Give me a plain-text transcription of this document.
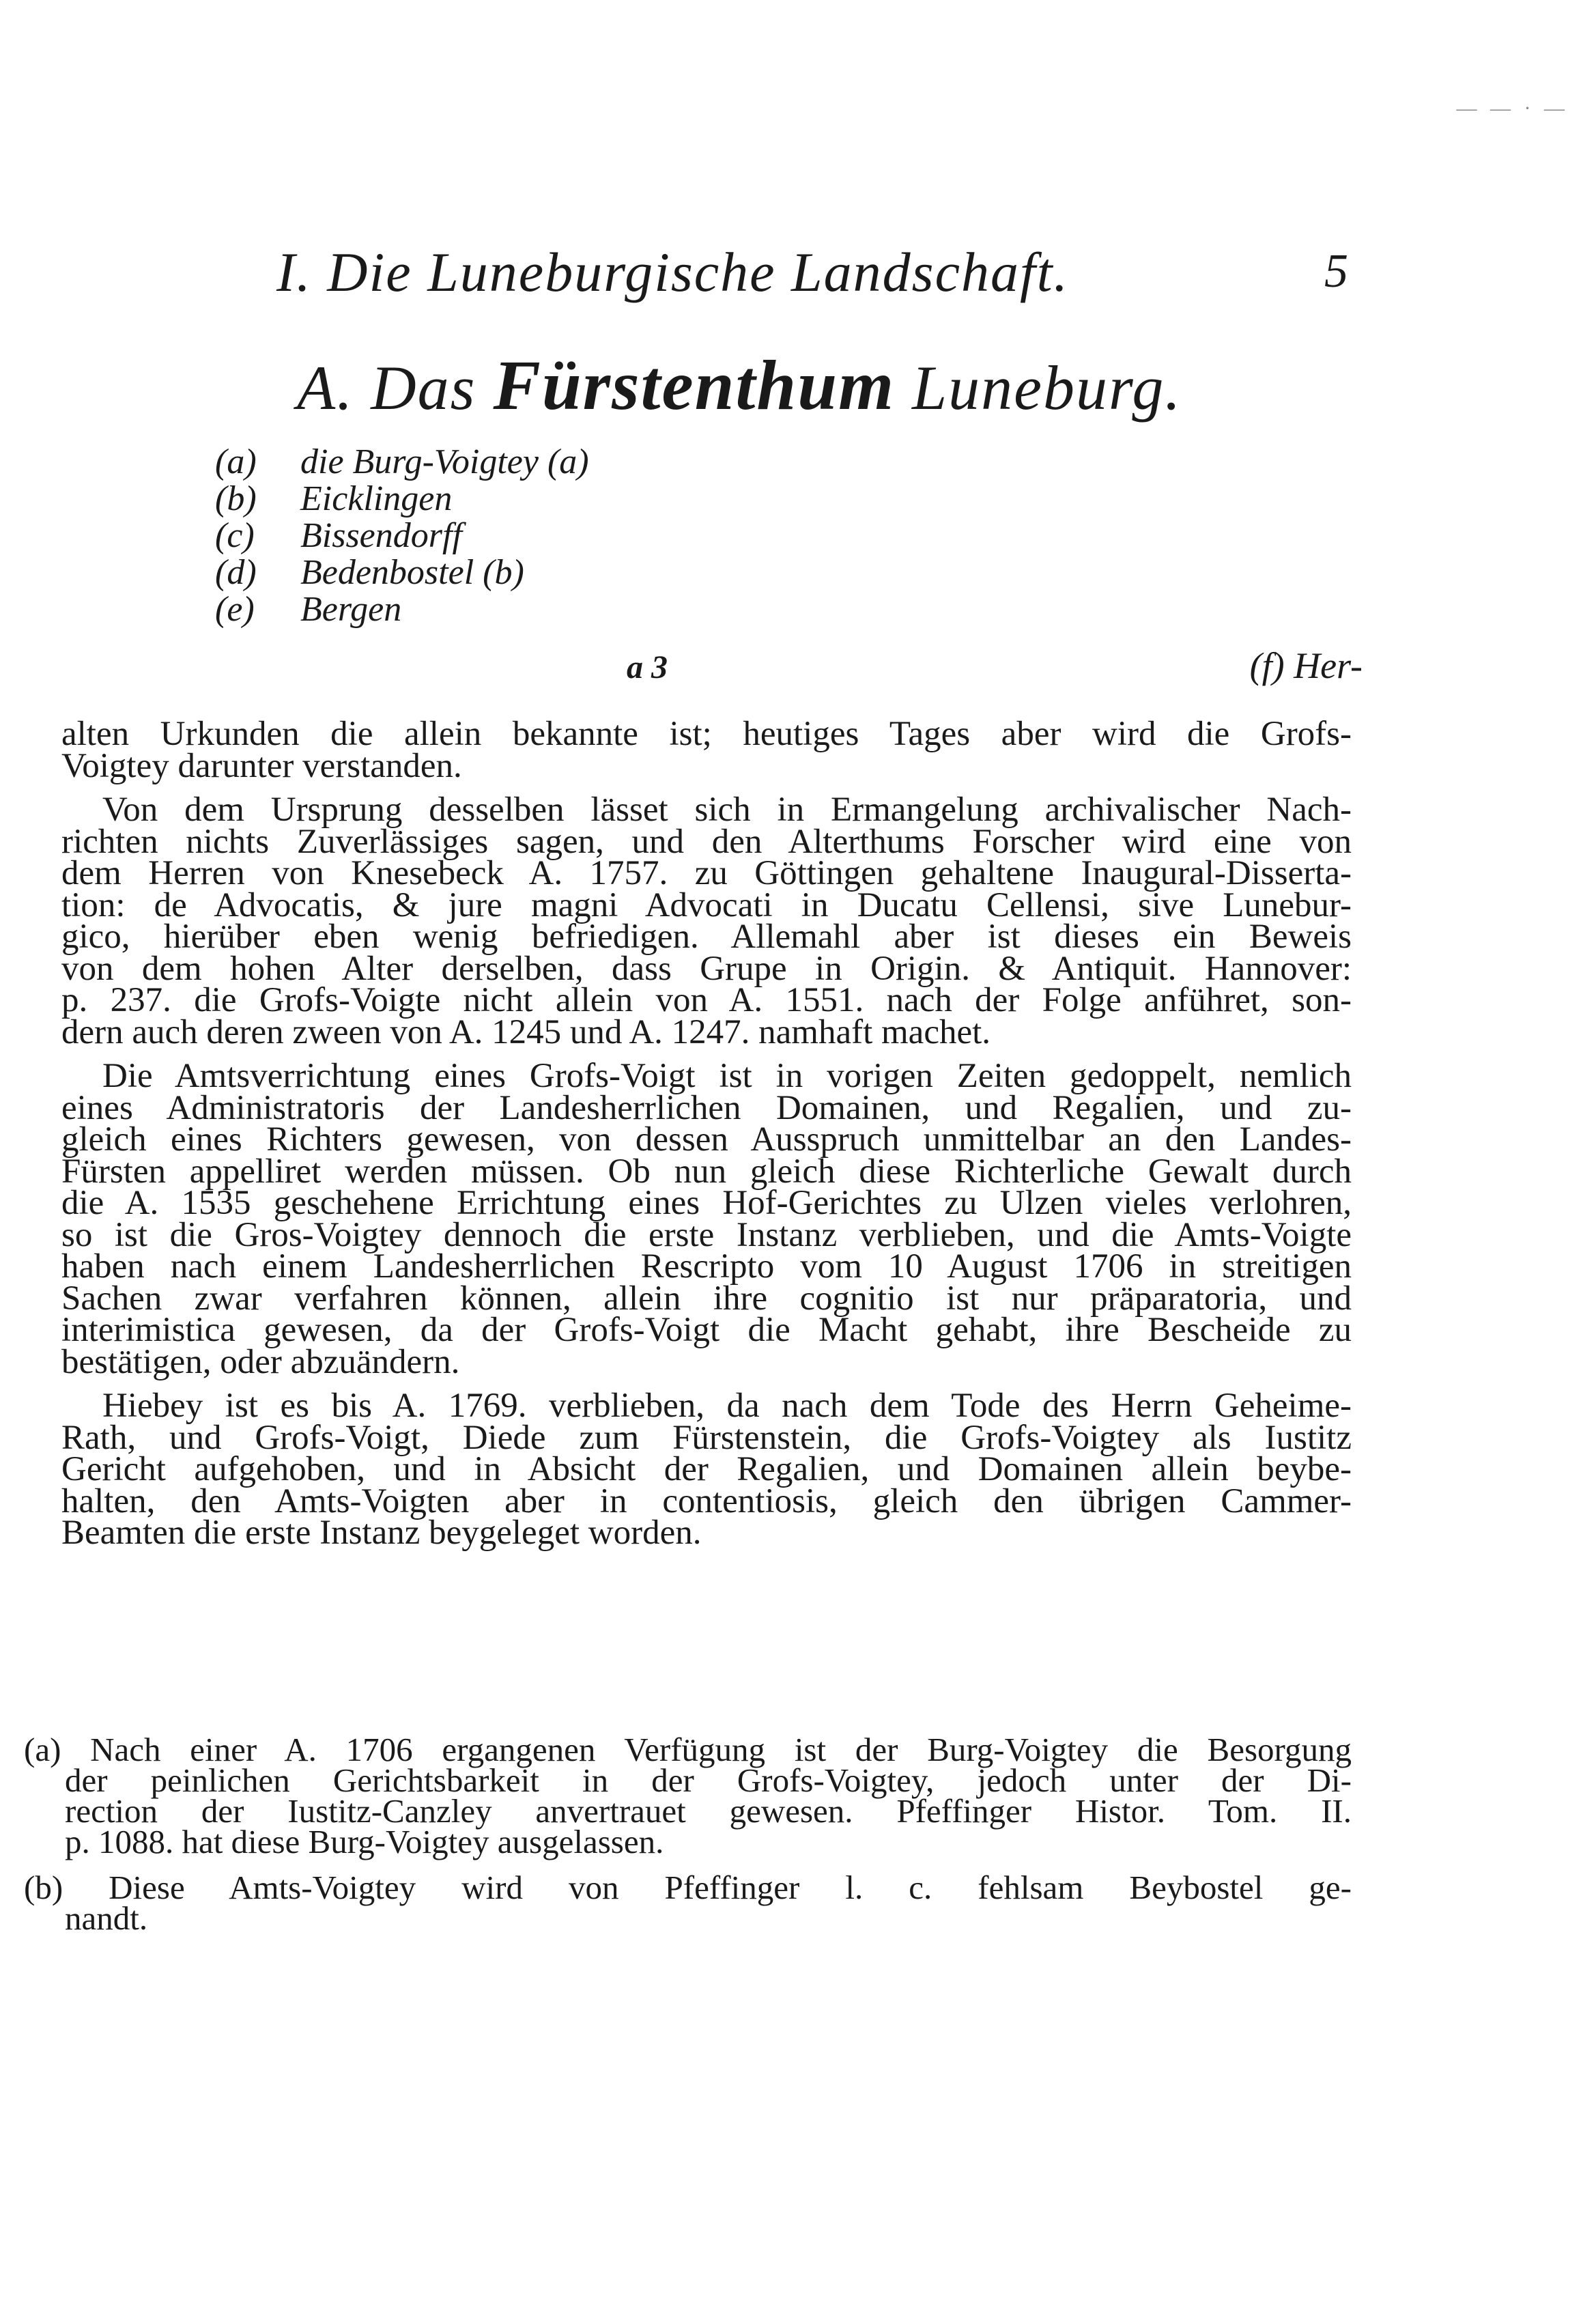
— — · —
I. Die Luneburgische Landschaft.	5
A. Das Fürstenthum Luneburg.
(a) die Burg-Voigtey (a)
(b) Eicklingen
(c) Bissendorff
(d) Bedenbostel (b)
(e) Bergen
a 3	(f) Her-
alten Urkunden die allein bekannte ist; heutiges Tages aber wird die Grofs-
Voigtey darunter verstanden.
Von dem Ursprung desselben lässet sich in Ermangelung archivalischer Nach-
richten nichts Zuverlässiges sagen, und den Alterthums Forscher wird eine von
dem Herren von Knesebeck A. 1757. zu Göttingen gehaltene Inaugural-Disserta-
tion: de Advocatis, & jure magni Advocati in Ducatu Cellensi, sive Lunebur-
gico, hierüber eben wenig befriedigen. Allemahl aber ist dieses ein Beweis
von dem hohen Alter derselben, dass Grupe in Origin. & Antiquit. Hannover:
p. 237. die Grofs-Voigte nicht allein von A. 1551. nach der Folge anführet, son-
dern auch deren zween von A. 1245 und A. 1247. namhaft machet.
Die Amtsverrichtung eines Grofs-Voigt ist in vorigen Zeiten gedoppelt, nemlich
eines Administratoris der Landesherrlichen Domainen, und Regalien, und zu-
gleich eines Richters gewesen, von dessen Ausspruch unmittelbar an den Landes-
Fürsten appelliret werden müssen. Ob nun gleich diese Richterliche Gewalt durch
die A. 1535 geschehene Errichtung eines Hof-Gerichtes zu Ulzen vieles verlohren,
so ist die Gros-Voigtey dennoch die erste Instanz verblieben, und die Amts-Voigte
haben nach einem Landesherrlichen Rescripto vom 10 August 1706 in streitigen
Sachen zwar verfahren können, allein ihre cognitio ist nur präparatoria, und
interimistica gewesen, da der Grofs-Voigt die Macht gehabt, ihre Bescheide zu
bestätigen, oder abzuändern.
Hiebey ist es bis A. 1769. verblieben, da nach dem Tode des Herrn Geheime-
Rath, und Grofs-Voigt, Diede zum Fürstenstein, die Grofs-Voigtey als Iustitz
Gericht aufgehoben, und in Absicht der Regalien, und Domainen allein beybe-
halten, den Amts-Voigten aber in contentiosis, gleich den übrigen Cammer-
Beamten die erste Instanz beygeleget worden.
(a) Nach einer A. 1706 ergangenen Verfügung ist der Burg-Voigtey die Besorgung
der peinlichen Gerichtsbarkeit in der Grofs-Voigtey, jedoch unter der Di-
rection der Iustitz-Canzley anvertrauet gewesen. Pfeffinger Histor. Tom. II.
p. 1088. hat diese Burg-Voigtey ausgelassen.
(b) Diese Amts-Voigtey wird von Pfeffinger l. c. fehlsam Beybostel ge-
nandt.
